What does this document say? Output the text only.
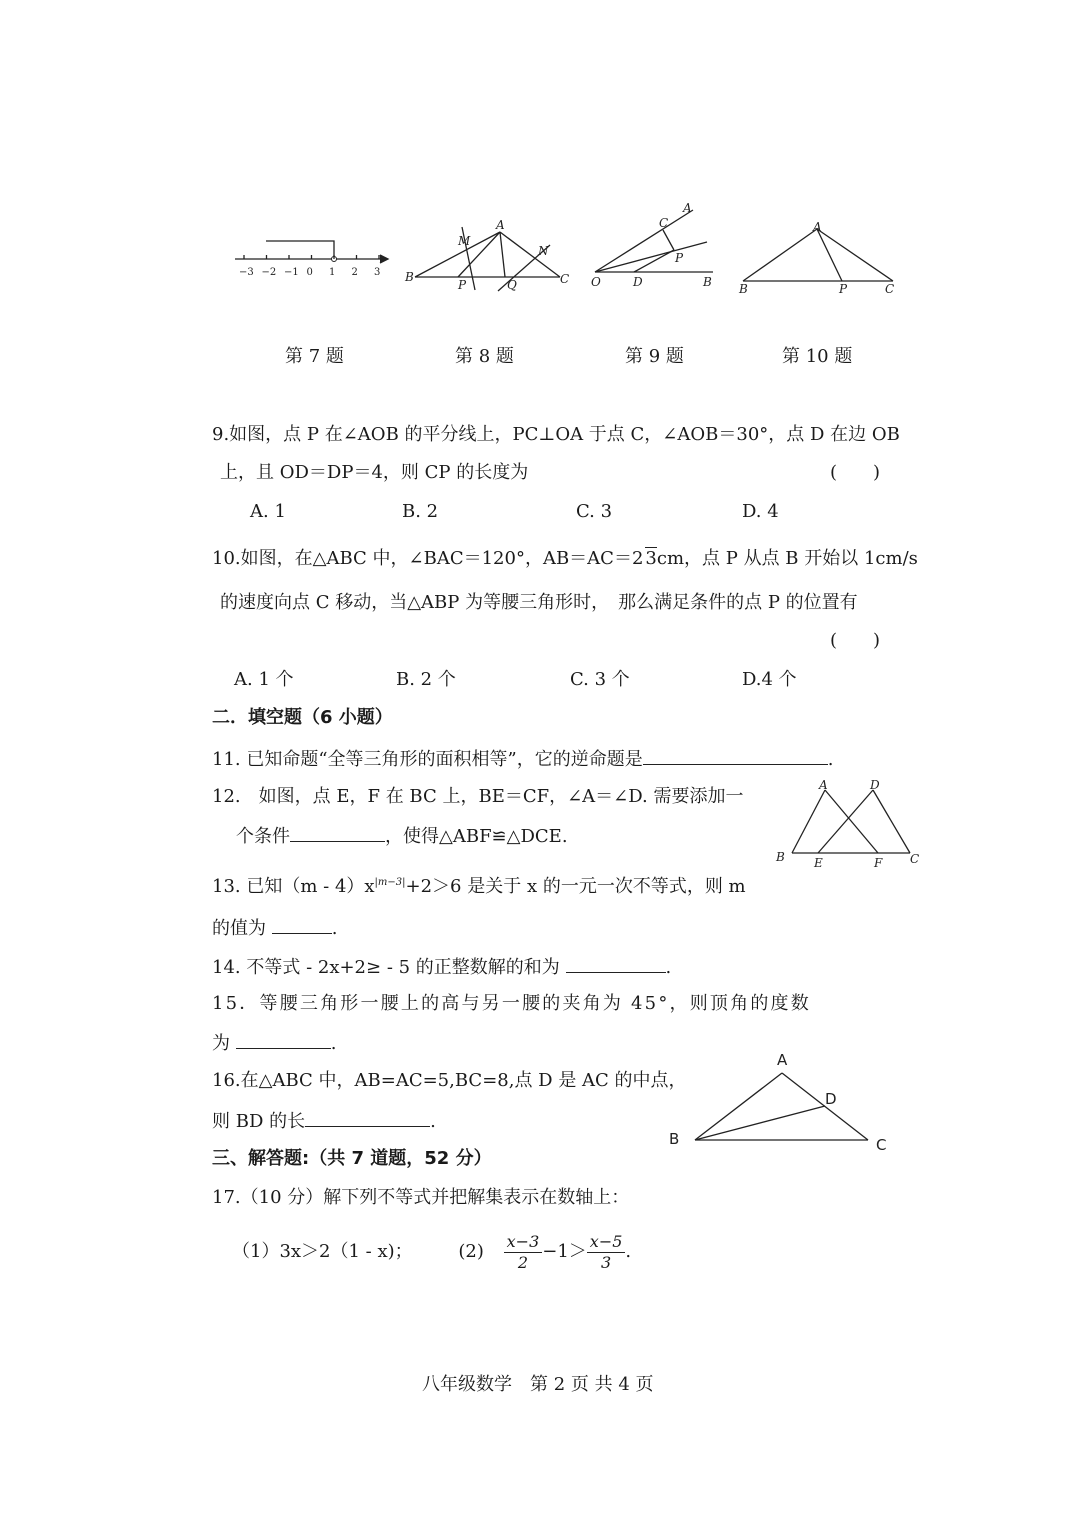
−3 −2 −1 0 1 2 3 B
A
C
M
N
P	Q
A
C
P
O	D	B
A
B	P	C
第 7 题	第 8 题	第 9 题	第 10 题
9.如图，点 P 在∠AOB 的平分线上，PC⊥OA 于点 C，∠AOB＝30°，点 D 在边 OB
上，且 OD＝DP＝4，则 CP 的长度为	(　　)
A. 1	B. 2	C. 3	D. 4
10.如图，在△ABC 中，∠BAC＝120°，AB＝AC＝2 3cm，点 P 从点 B 开始以 1cm/s
的速度向点 C 移动，当△ABP 为等腰三角形时，　那么满足条件的点 P 的位置有
(　　)
A. 1 个	B. 2 个	C. 3 个	D.4 个
二．填空题（6 小题）
11. 已知命题“全等三角形的面积相等”，它的逆命题是	.
12.　如图，点 E，F 在 BC 上，BE＝CF，∠A＝∠D. 需要添加一
个条件	，使得△ABF≌△DCE.
A	D
B E	F C
13. 已知$(m - 4)x^{|m-3|}+2>6$ 是关于 x 的一元一次不等式，则 m
的值为	.
14. 不等式 - 2x+2≥ - 5 的正整数解的和为	.
15．等腰三角形一腰上的高与另一腰的夹角为 45°，则顶角的度数
为	.
16.在△ABC 中，AB=AC=5,BC=8,点 D 是 AC 的中点，
则 BD 的长	.
A
D
B	C
三、解答题:（共 7 道题，52 分）
17.（10 分）解下列不等式并把解集表示在数轴上：
（1）3x＞2（1 - x)；	$(2) \frac{x-3}{2} -1> \frac{x-5}{3}$ .
八年级数学　第 2 页 共 4 页
